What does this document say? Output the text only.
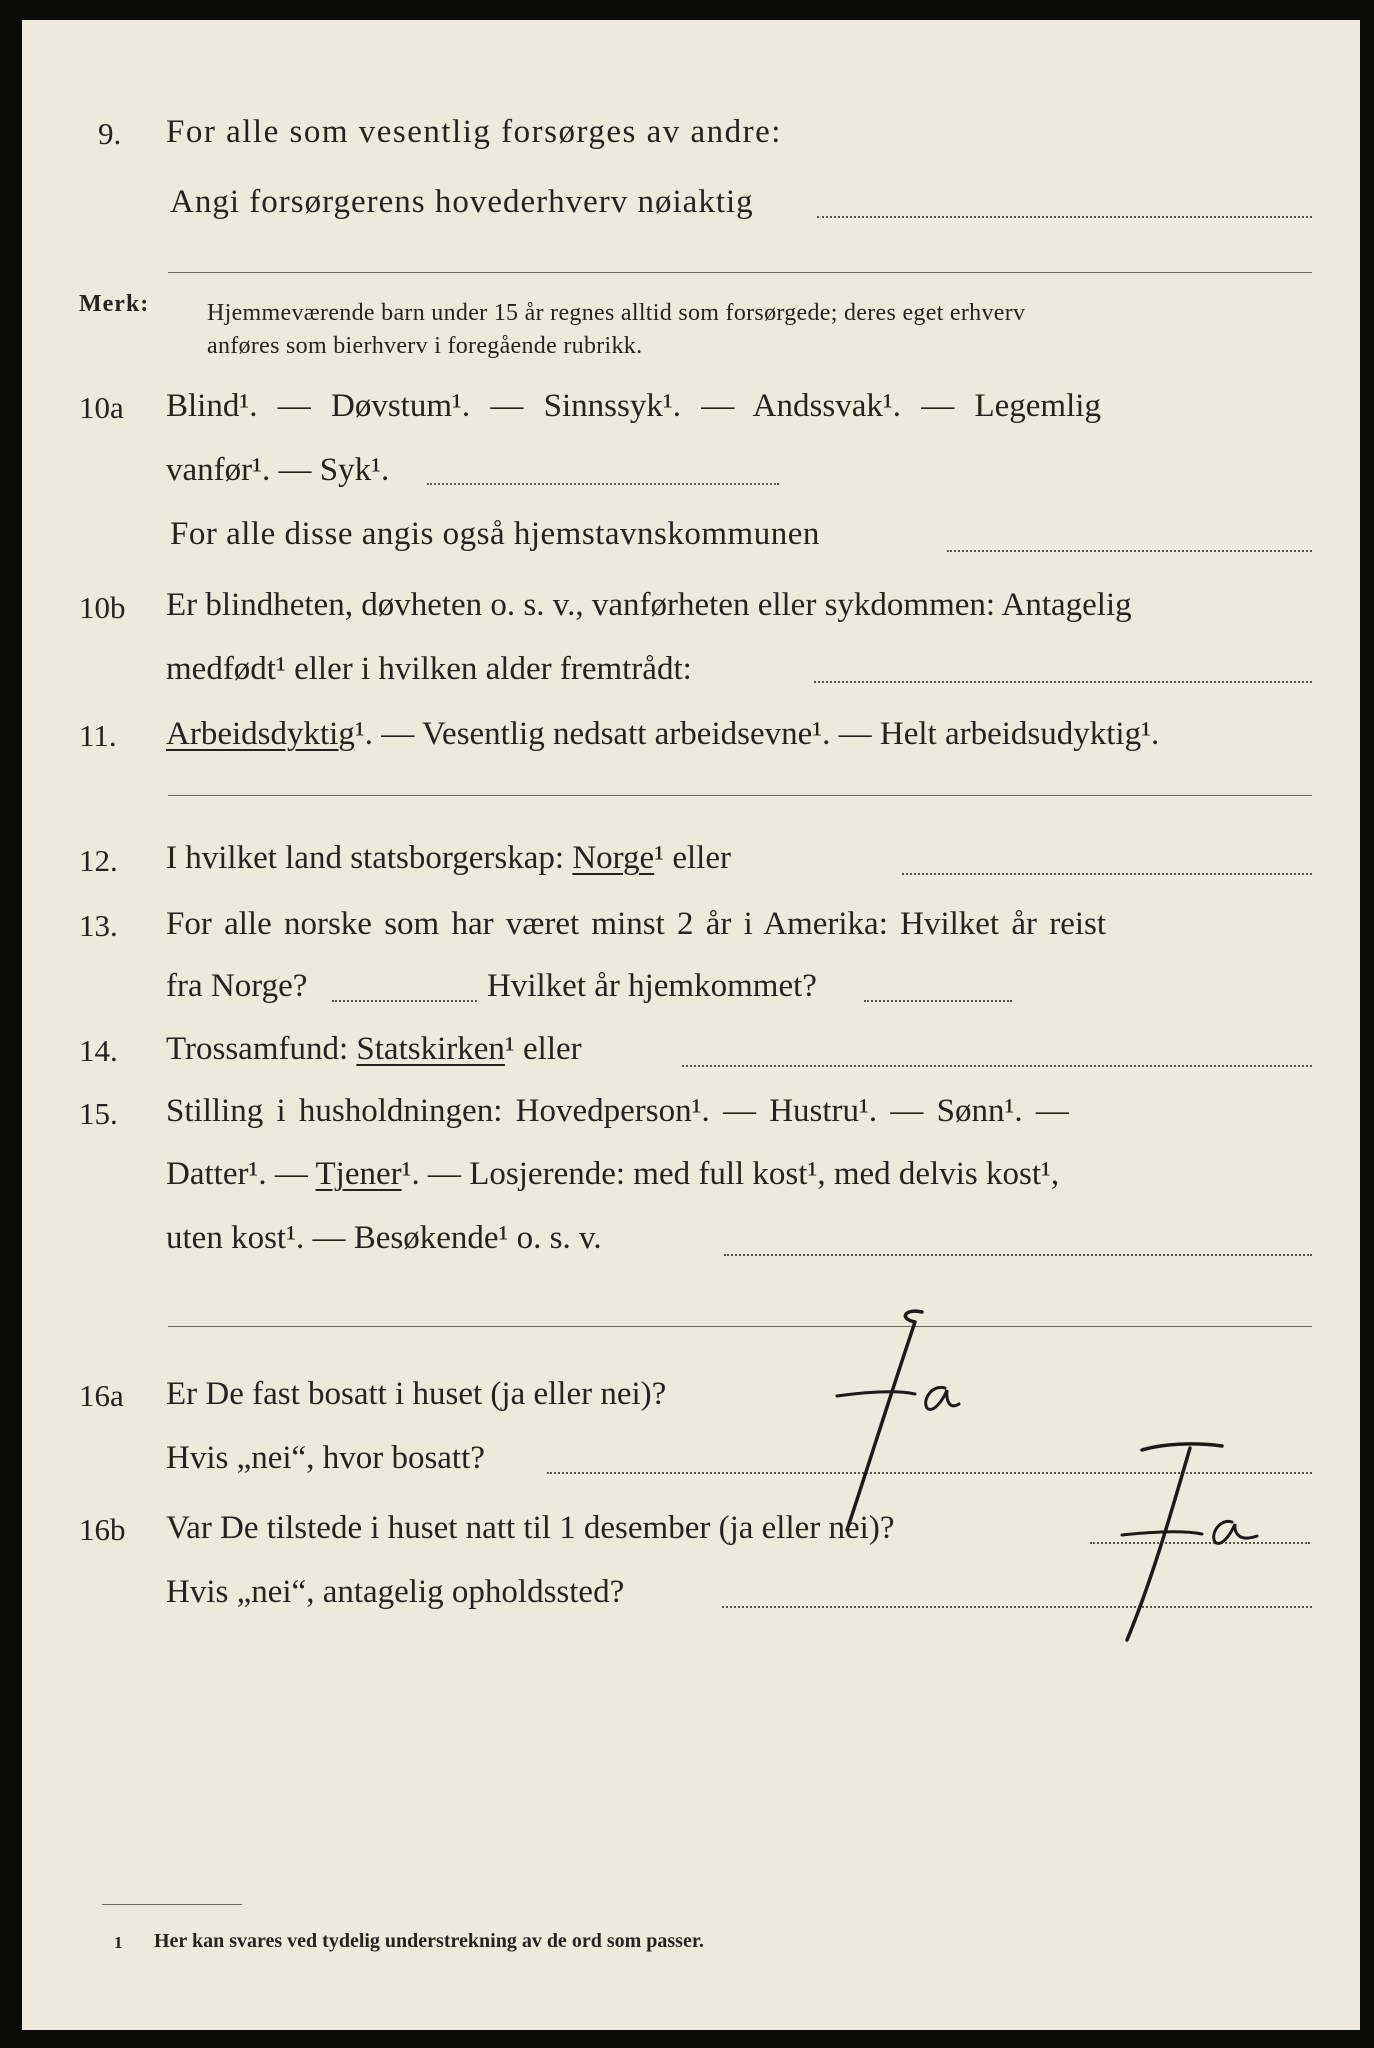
9. For alle som vesentlig forsørges av andre:
Angi forsørgerens hovederhverv nøiaktig
Merk: Hjemmeværende barn under 15 år regnes alltid som forsørgede; deres eget erhverv
anføres som bierhverv i foregående rubrikk.
10a Blind¹. — Døvstum¹. — Sinnssyk¹. — Andssvak¹. — Legemlig
vanfør¹. — Syk¹.
For alle disse angis også hjemstavnskommunen
10b Er blindheten, døvheten o. s. v., vanførheten eller sykdommen: Antagelig
medfødt¹ eller i hvilken alder fremtrådt:
11. Arbeidsdyktig¹. — Vesentlig nedsatt arbeidsevne¹. — Helt arbeidsudyktig¹.
12. I hvilket land statsborgerskap: Norge¹ eller
13. For alle norske som har været minst 2 år i Amerika: Hvilket år reist
fra Norge?	Hvilket år hjemkommet?
14. Trossamfund: Statskirken¹ eller
15. Stilling i husholdningen: Hovedperson¹. — Hustru¹. — Sønn¹. —
Datter¹. — Tjener¹. — Losjerende: med full kost¹, med delvis kost¹,
uten kost¹. — Besøkende¹ o. s. v.
16a Er De fast bosatt i huset (ja eller nei)?
Hvis „nei“, hvor bosatt?
16b Var De tilstede i huset natt til 1 desember (ja eller nei)?
Hvis „nei“, antagelig opholdssted?
1 Her kan svares ved tydelig understrekning av de ord som passer.
